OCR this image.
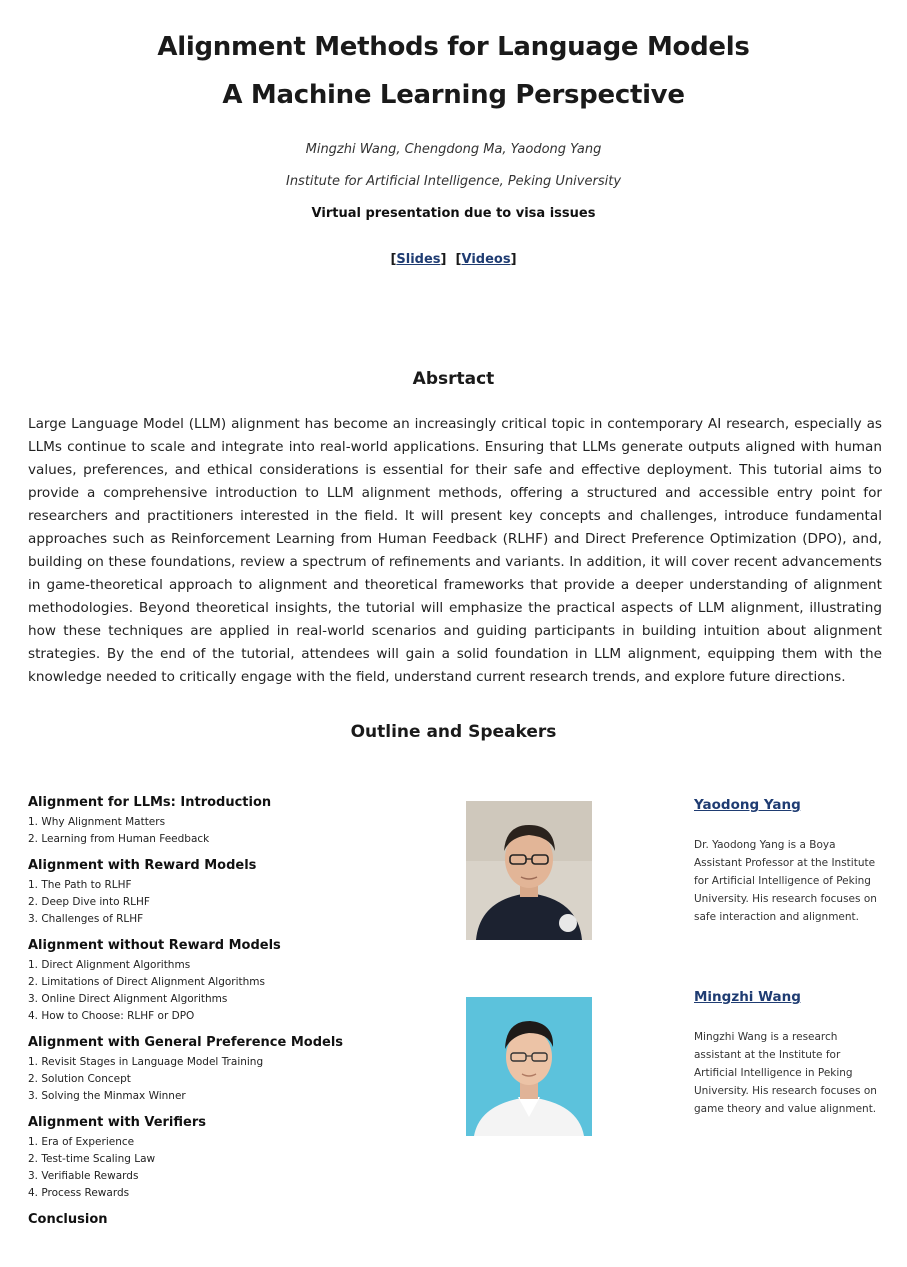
Alignment Methods for Language Models
A Machine Learning Perspective
Mingzhi Wang, Chengdong Ma, Yaodong Yang
Institute for Artificial Intelligence, Peking University
Virtual presentation due to visa issues
[Slides] [Videos]
Absrtact

Large Language Model (LLM) alignment has become an increasingly critical topic in contemporary AI research, especially as LLMs continue to scale and integrate into real-world applications. Ensuring that LLMs generate outputs aligned with human values, preferences, and ethical considerations is essential for their safe and effective deployment. This tutorial aims to provide a comprehensive introduction to LLM alignment methods, offering a structured and accessible entry point for researchers and practitioners interested in the field. It will present key concepts and challenges, introduce fundamental approaches such as Reinforcement Learning from Human Feedback (RLHF) and Direct Preference Optimization (DPO), and, building on these foundations, review a spectrum of refinements and variants. In addition, it will cover recent advancements in game-theoretical approach to alignment and theoretical frameworks that provide a deeper understanding of alignment methodologies. Beyond theoretical insights, the tutorial will emphasize the practical aspects of LLM alignment, illustrating how these techniques are applied in real-world scenarios and guiding participants in building intuition about alignment strategies. By the end of the tutorial, attendees will gain a solid foundation in LLM alignment, equipping them with the knowledge needed to critically engage with the field, understand current research trends, and explore future directions.

Outline and Speakers
Alignment for LLMs: Introduction
1. Why Alignment Matters
2. Learning from Human Feedback
Alignment with Reward Models
1. The Path to RLHF
2. Deep Dive into RLHF
3. Challenges of RLHF
Alignment without Reward Models
1. Direct Alignment Algorithms
2. Limitations of Direct Alignment Algorithms
3. Online Direct Alignment Algorithms
4. How to Choose: RLHF or DPO
Alignment with General Preference Models
1. Revisit Stages in Language Model Training
2. Solution Concept
3. Solving the Minmax Winner
Alignment with Verifiers
1. Era of Experience
2. Test-time Scaling Law
3. Verifiable Rewards
4. Process Rewards
Conclusion
Yaodong Yang

Dr. Yaodong Yang is a Boya Assistant Professor at the Institute for Artificial Intelligence of Peking University. His research focuses on safe interaction and alignment.

Mingzhi Wang

Mingzhi Wang is a research assistant at the Institute for Artificial Intelligence in Peking University. His research focuses on game theory and value alignment.
